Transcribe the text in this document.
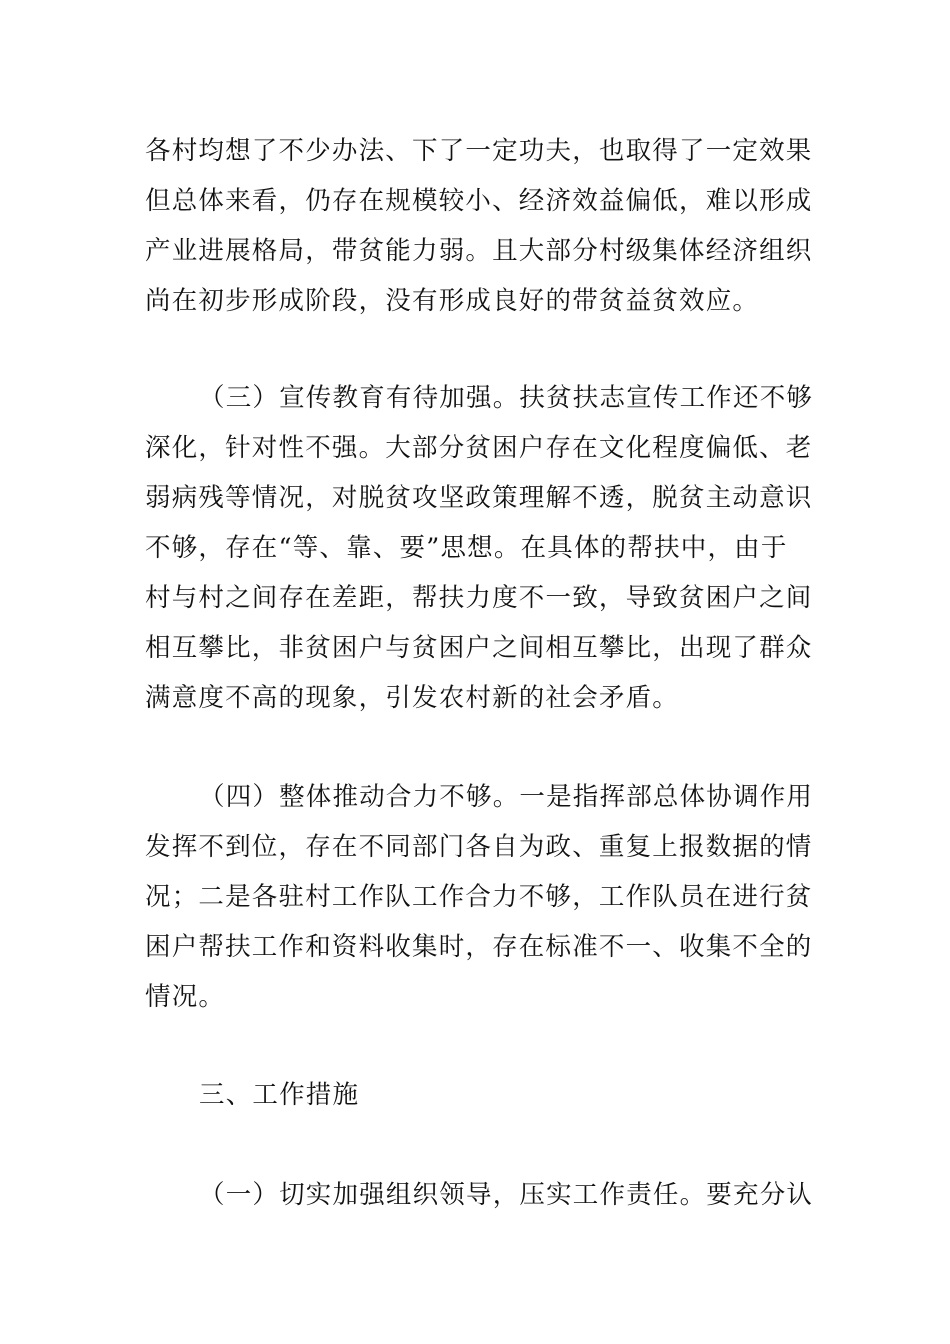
各村均想了不少办法、下了一定功夫，也取得了一定效果
但总体来看，仍存在规模较小、经济效益偏低，难以形成
产业进展格局，带贫能力弱。且大部分村级集体经济组织
尚在初步形成阶段，没有形成良好的带贫益贫效应。
（三）宣传教育有待加强。扶贫扶志宣传工作还不够
深化，针对性不强。大部分贫困户存在文化程度偏低、老
弱病残等情况，对脱贫攻坚政策理解不透，脱贫主动意识
不够，存在“等、靠、要”思想。在具体的帮扶中，由于
村与村之间存在差距，帮扶力度不一致，导致贫困户之间
相互攀比，非贫困户与贫困户之间相互攀比，出现了群众
满意度不高的现象，引发农村新的社会矛盾。
（四）整体推动合力不够。一是指挥部总体协调作用
发挥不到位，存在不同部门各自为政、重复上报数据的情
况；二是各驻村工作队工作合力不够，工作队员在进行贫
困户帮扶工作和资料收集时，存在标准不一、收集不全的
情况。
三、工作措施
（一）切实加强组织领导，压实工作责任。要充分认
